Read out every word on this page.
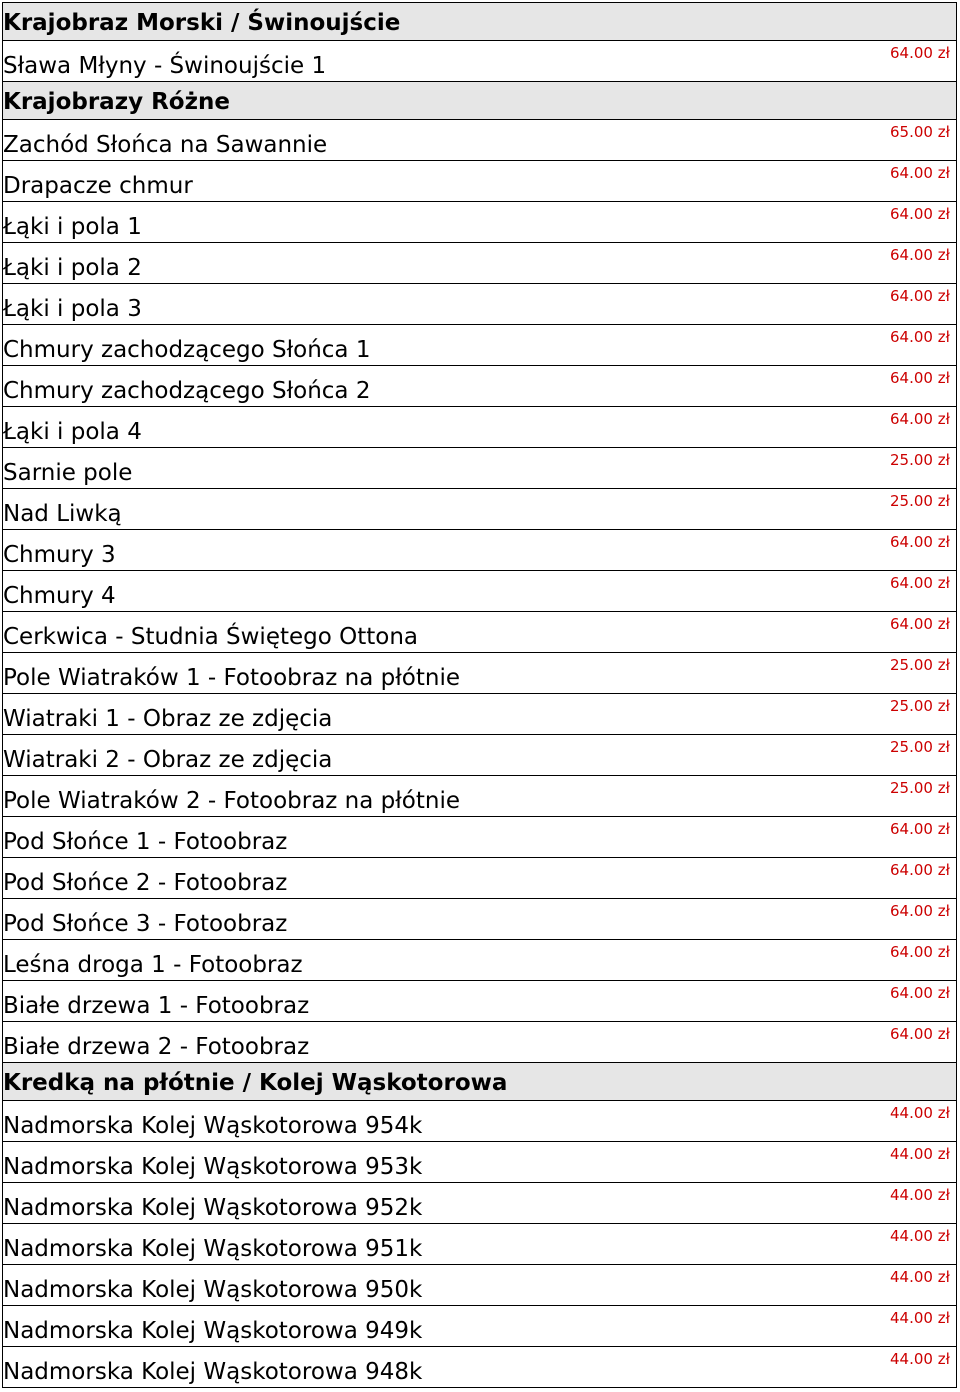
Krajobraz Morski / Świnoujście
Sława Młyny - Świnoujście 1	64.00 zł
Krajobrazy Różne
Zachód Słońca na Sawannie	65.00 zł
Drapacze chmur	64.00 zł
Łąki i pola 1	64.00 zł
Łąki i pola 2	64.00 zł
Łąki i pola 3	64.00 zł
Chmury zachodzącego Słońca 1	64.00 zł
Chmury zachodzącego Słońca 2	64.00 zł
Łąki i pola 4	64.00 zł
Sarnie pole	25.00 zł
Nad Liwką	25.00 zł
Chmury 3	64.00 zł
Chmury 4	64.00 zł
Cerkwica - Studnia Świętego Ottona	64.00 zł
Pole Wiatraków 1 - Fotoobraz na płótnie	25.00 zł
Wiatraki 1 - Obraz ze zdjęcia	25.00 zł
Wiatraki 2 - Obraz ze zdjęcia	25.00 zł
Pole Wiatraków 2 - Fotoobraz na płótnie	25.00 zł
Pod Słońce 1 - Fotoobraz	64.00 zł
Pod Słońce 2 - Fotoobraz	64.00 zł
Pod Słońce 3 - Fotoobraz	64.00 zł
Leśna droga 1 - Fotoobraz	64.00 zł
Białe drzewa 1 - Fotoobraz	64.00 zł
Białe drzewa 2 - Fotoobraz	64.00 zł
Kredką na płótnie / Kolej Wąskotorowa
Nadmorska Kolej Wąskotorowa 954k	44.00 zł
Nadmorska Kolej Wąskotorowa 953k	44.00 zł
Nadmorska Kolej Wąskotorowa 952k	44.00 zł
Nadmorska Kolej Wąskotorowa 951k	44.00 zł
Nadmorska Kolej Wąskotorowa 950k	44.00 zł
Nadmorska Kolej Wąskotorowa 949k	44.00 zł
Nadmorska Kolej Wąskotorowa 948k	44.00 zł
